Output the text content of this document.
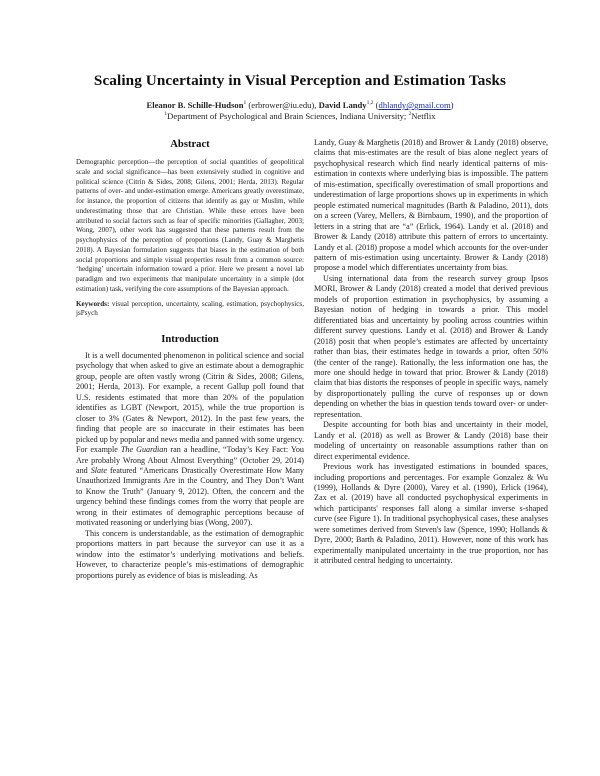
Scaling Uncertainty in Visual Perception and Estimation Tasks
Eleanor B. Schille-Hudson$^1$ (erbrower@iu.edu), David Landy$^{1,2}$ (dhlandy@gmail.com)
$^1$Department of Psychological and Brain Sciences, Indiana University; $^2$Netflix
Abstract

Demographic perception—the perception of social quantities of geopolitical scale and social significance—has been extensively studied in cognitive and political science (Citrin & Sides, 2008; Gilens, 2001; Herda, 2013). Regular patterns of over- and under-estimation emerge. Americans greatly overestimate, for instance, the proportion of citizens that identify as gay or Muslim, while underestimating those that are Christian. While these errors have been attributed to social factors such as fear of specific minorities (Gallagher, 2003; Wong, 2007), other work has suggested that these patterns result from the psychophysics of the perception of proportions (Landy, Guay & Marghetis 2018). A Bayesian formulation suggests that biases in the estimation of both social proportions and simple visual properties result from a common source: ‘hedging’ uncertain information toward a prior. Here we present a novel lab paradigm and two experiments that manipulate uncertainty in a simple (dot estimation) task, verifying the core assumptions of the Bayesian approach.

Keywords: visual perception, uncertainty, scaling, estimation, psychophysics, jsPsych

Introduction

It is a well documented phenomenon in political science and social psychology that when asked to give an estimate about a demographic group, people are often vastly wrong (Citrin & Sides, 2008; Gilens, 2001; Herda, 2013). For example, a recent Gallup poll found that U.S. residents estimated that more than 20% of the population identifies as LGBT (Newport, 2015), while the true proportion is closer to 3% (Gates & Newport, 2012). In the past few years, the finding that people are so inaccurate in their estimates has been picked up by popular and news media and panned with some urgency. For example The Guardian ran a headline, “Today’s Key Fact: You Are probably Wrong About Almost Everything” (October 29, 2014) and Slate featured “Americans Drastically Overestimate How Many Unauthorized Immigrants Are in the Country, and They Don’t Want to Know the Truth” (January 9, 2012). Often, the concern and the urgency behind these findings comes from the worry that people are wrong in their estimates of demographic perceptions because of motivated reasoning or underlying bias (Wong, 2007).

This concern is understandable, as the estimation of demographic proportions matters in part because the surveyor can use it as a window into the estimator’s underlying motivations and beliefs. However, to characterize people’s mis-estimations of demographic proportions purely as evidence of bias is misleading. As

Landy, Guay & Marghetis (2018) and Brower & Landy (2018) observe, claims that mis-estimates are the result of bias alone neglect years of psychophysical research which find nearly identical patterns of mis-estimation in contexts where underlying bias is impossible. The pattern of mis-estimation, specifically overestimation of small proportions and underestimation of large proportions shows up in experiments in which people estimated numerical magnitudes (Barth & Paladino, 2011), dots on a screen (Varey, Mellers, & Birnbaum, 1990), and the proportion of letters in a string that are “a” (Erlick, 1964). Landy et al. (2018) and Brower & Landy (2018) attribute this pattern of errors to uncertainty. Landy et al. (2018) propose a model which accounts for the over-under pattern of mis-estimation using uncertainty. Brower & Landy (2018) propose a model which differentiates uncertainty from bias.

Using international data from the research survey group Ipsos MORI, Brower & Landy (2018) created a model that derived previous models of proportion estimation in psychophysics, by assuming a Bayesian notion of hedging in towards a prior. This model differentiated bias and uncertainty by pooling across countries within different survey questions. Landy et al. (2018) and Brower & Landy (2018) posit that when people’s estimates are affected by uncertainty rather than bias, their estimates hedge in towards a prior, often 50% (the center of the range). Rationally, the less information one has, the more one should hedge in toward that prior. Brower & Landy (2018) claim that bias distorts the responses of people in specific ways, namely by disproportionately pulling the curve of responses up or down depending on whether the bias in question tends toward over- or under-representation.

Despite accounting for both bias and uncertainty in their model, Landy et al. (2018) as well as Brower & Landy (2018) base their modeling of uncertainty on reasonable assumptions rather than on direct experimental evidence.

Previous work has investigated estimations in bounded spaces, including proportions and percentages. For example Gonzalez & Wu (1999), Hollands & Dyre (2000), Varey et al. (1990), Erlick (1964), Zax et al. (2019) have all conducted psychophysical experiments in which participants' responses fall along a similar inverse s-shaped curve (see Figure 1). In traditional psychophysical cases, these analyses were sometimes derived from Steven's law (Spence, 1990; Hollands & Dyre, 2000; Barth & Paladino, 2011). However, none of this work has experimentally manipulated uncertainty in the true proportion, nor has it attributed central hedging to uncertainty.
